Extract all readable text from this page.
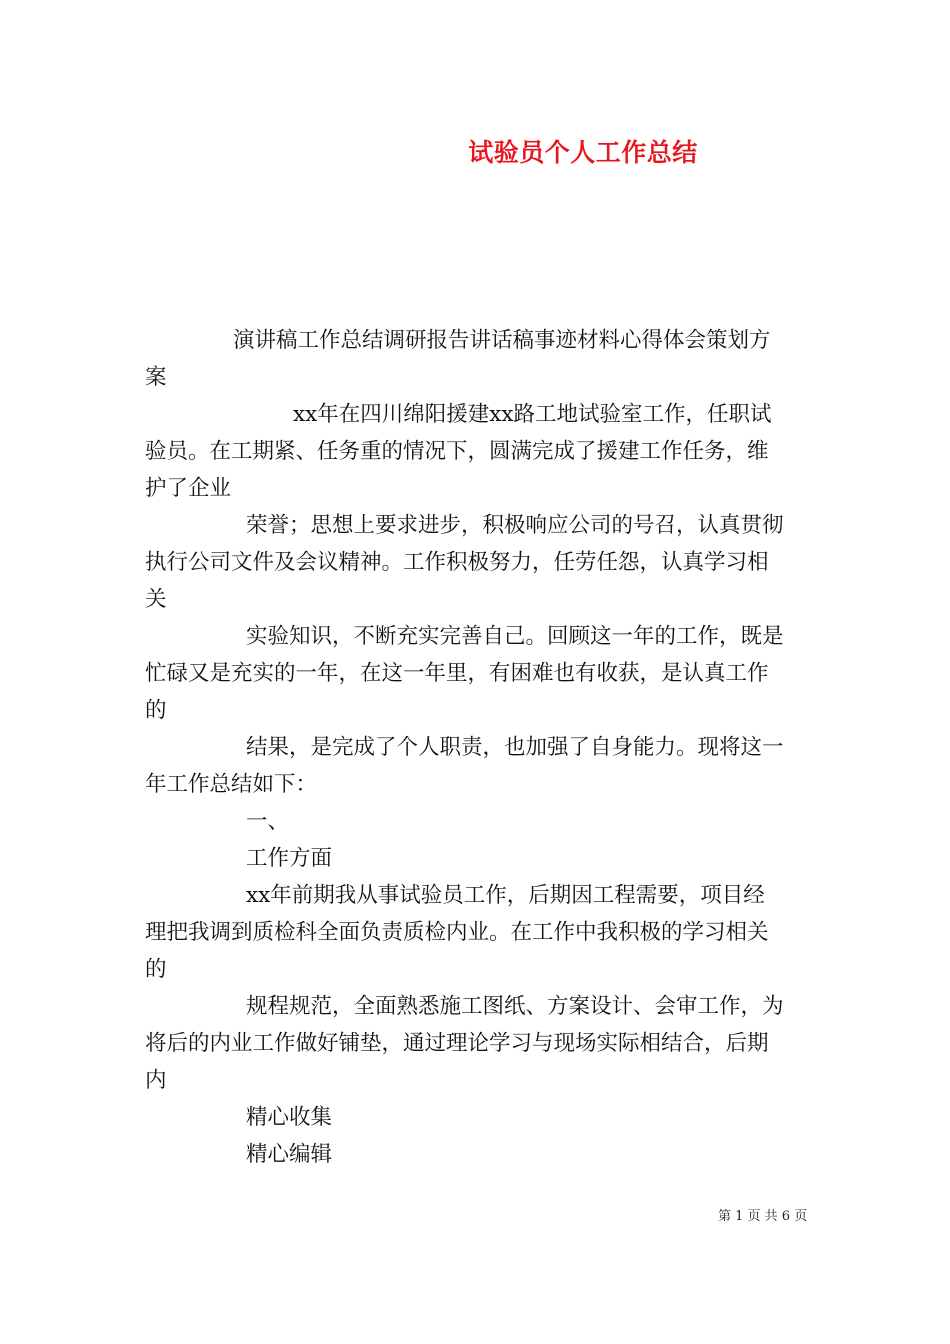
试验员个人工作总结
演讲稿工作总结调研报告讲话稿事迹材料心得体会策划方
案
xx年在四川绵阳援建xx路工地试验室工作，任职试
验员。在工期紧、任务重的情况下，圆满完成了援建工作任务，维
护了企业
荣誉；思想上要求进步，积极响应公司的号召，认真贯彻
执行公司文件及会议精神。工作积极努力，任劳任怨，认真学习相
关
实验知识，不断充实完善自己。回顾这一年的工作，既是
忙碌又是充实的一年，在这一年里，有困难也有收获，是认真工作
的
结果，是完成了个人职责，也加强了自身能力。现将这一
年工作总结如下：
一、
工作方面
xx年前期我从事试验员工作，后期因工程需要，项目经
理把我调到质检科全面负责质检内业。在工作中我积极的学习相关
的
规程规范，全面熟悉施工图纸、方案设计、会审工作，为
将后的内业工作做好铺垫，通过理论学习与现场实际相结合，后期
内
精心收集
精心编辑
第 1 页 共 6 页
